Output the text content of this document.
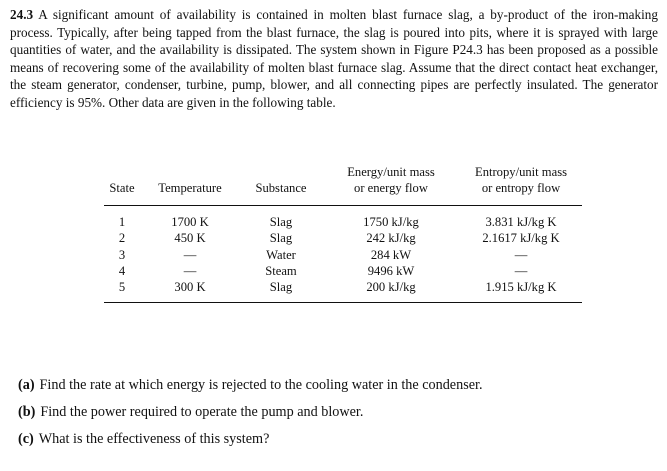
24.3 A significant amount of availability is contained in molten blast furnace slag, a by-product of the iron-making process. Typically, after being tapped from the blast furnace, the slag is poured into pits, where it is sprayed with large quantities of water, and the availability is dissipated. The system shown in Figure P24.3 has been proposed as a possible means of recovering some of the availability of molten blast furnace slag. Assume that the direct contact heat exchanger, the steam generator, condenser, turbine, pump, blower, and all connecting pipes are perfectly insulated. The generator efficiency is 95%. Other data are given in the following table.
			Energy/unit mass	Entropy/unit mass
State	Temperature	Substance	or energy flow	or entropy flow
1	1700 K	Slag	1750 kJ/kg	3.831 kJ/kg K
2	450 K	Slag	242 kJ/kg	2.1617 kJ/kg K
3	—	Water	284 kW	—
4	—	Steam	9496 kW	—
5	300 K	Slag	200 kJ/kg	1.915 kJ/kg K
(a) Find the rate at which energy is rejected to the cooling water in the condenser.
(b) Find the power required to operate the pump and blower.
(c) What is the effectiveness of this system?
